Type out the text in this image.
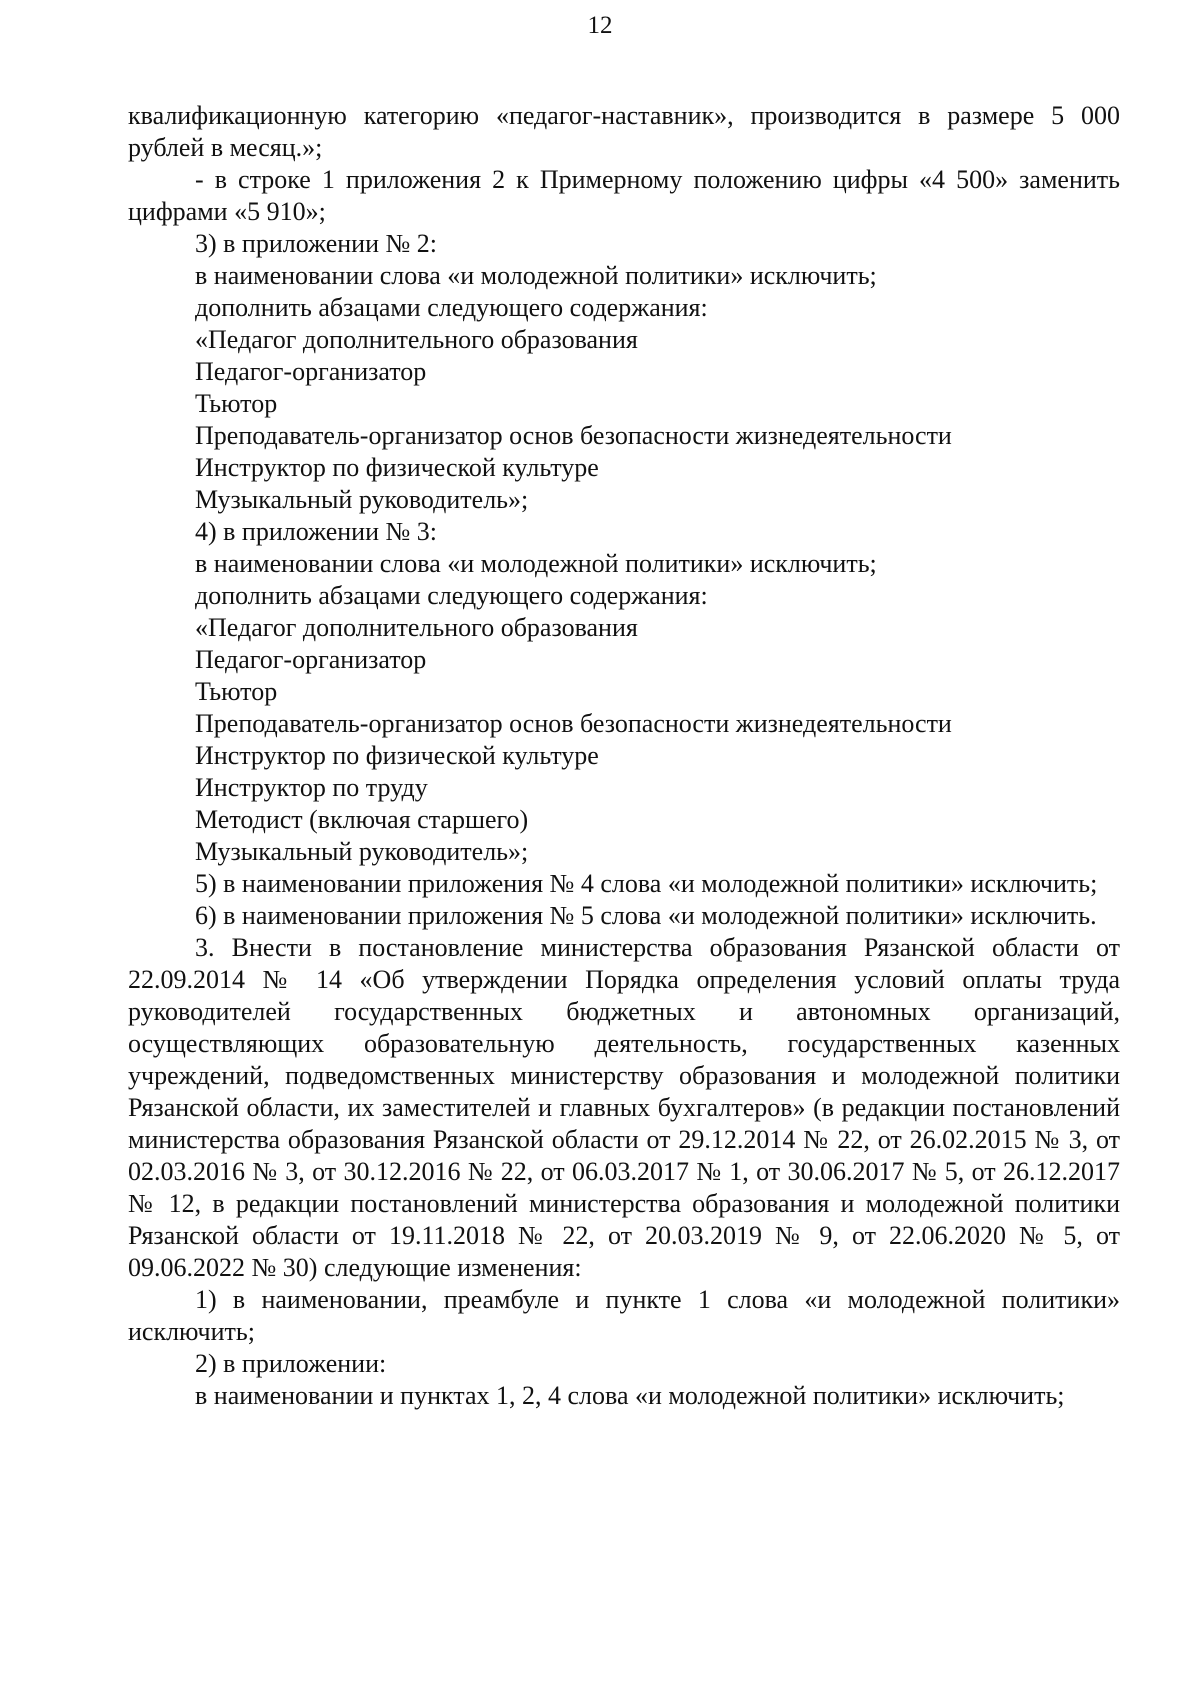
12

квалификационную категорию «педагог-наставник», производится в размере 5 000 рублей в месяц.»;

- в строке 1 приложения 2 к Примерному положению цифры «4 500» заменить цифрами «5 910»;

3) в приложении № 2:

в наименовании слова «и молодежной политики» исключить;

дополнить абзацами следующего содержания:

«Педагог дополнительного образования

Педагог-организатор

Тьютор

Преподаватель-организатор основ безопасности жизнедеятельности

Инструктор по физической культуре

Музыкальный руководитель»;

4) в приложении № 3:

в наименовании слова «и молодежной политики» исключить;

дополнить абзацами следующего содержания:

«Педагог дополнительного образования

Педагог-организатор

Тьютор

Преподаватель-организатор основ безопасности жизнедеятельности

Инструктор по физической культуре

Инструктор по труду

Методист (включая старшего)

Музыкальный руководитель»;

5) в наименовании приложения № 4 слова «и молодежной политики» исключить;

6) в наименовании приложения № 5 слова «и молодежной политики» исключить.

3. Внести в постановление министерства образования Рязанской области от 22.09.2014 № 14 «Об утверждении Порядка определения условий оплаты труда руководителей государственных бюджетных и автономных организаций, осуществляющих образовательную деятельность, государственных казенных учреждений, подведомственных министерству образования и молодежной политики Рязанской области, их заместителей и главных бухгалтеров» (в редакции постановлений министерства образования Рязанской области от 29.12.2014 № 22, от 26.02.2015 № 3, от 02.03.2016 № 3, от 30.12.2016 № 22, от 06.03.2017 № 1, от 30.06.2017 № 5, от 26.12.2017 № 12, в редакции постановлений министерства образования и молодежной политики Рязанской области от 19.11.2018 № 22, от 20.03.2019 № 9, от 22.06.2020 № 5, от 09.06.2022 № 30) следующие изменения:

1) в наименовании, преамбуле и пункте 1 слова «и молодежной политики» исключить;

2) в приложении:

в наименовании и пунктах 1, 2, 4 слова «и молодежной политики» исключить;
